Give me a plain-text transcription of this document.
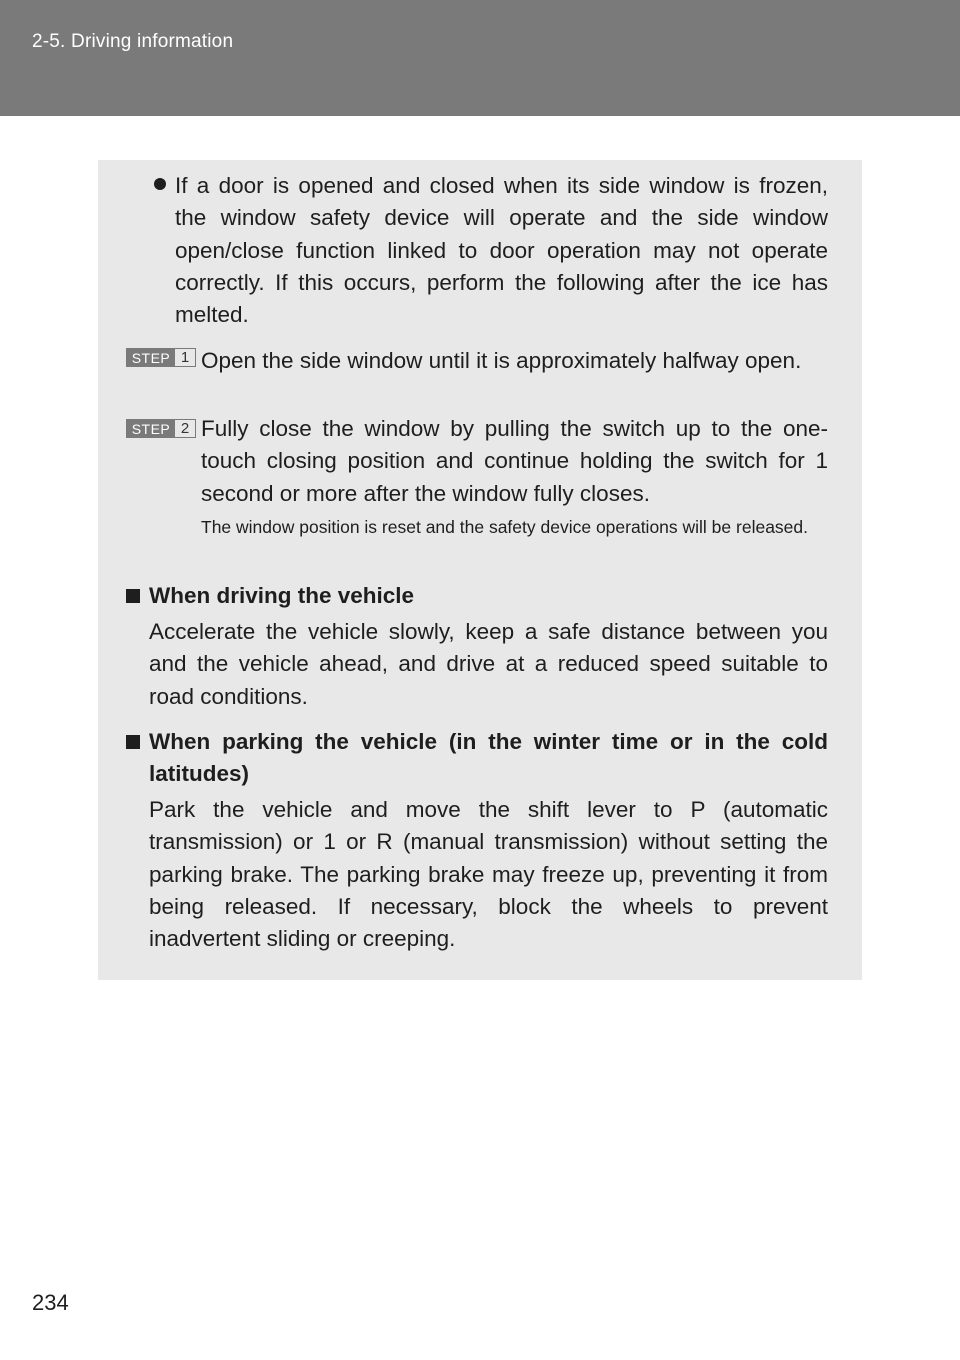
2-5. Driving information

If a door is opened and closed when its side window is frozen, the window safety device will operate and the side window open/close function linked to door operation may not operate correctly. If this occurs, perform the following after the ice has melted.

STEP 1 Open the side window until it is approximately halfway open.

STEP 2 Fully close the window by pulling the switch up to the one-touch closing position and continue holding the switch for 1 second or more after the window fully closes.

The window position is reset and the safety device operations will be released.

When driving the vehicle

Accelerate the vehicle slowly, keep a safe distance between you and the vehicle ahead, and drive at a reduced speed suitable to road conditions.

When parking the vehicle (in the winter time or in the cold latitudes)

Park the vehicle and move the shift lever to P (automatic transmission) or 1 or R (manual transmission) without setting the parking brake. The parking brake may freeze up, preventing it from being released. If necessary, block the wheels to prevent inadvertent sliding or creeping.

234
